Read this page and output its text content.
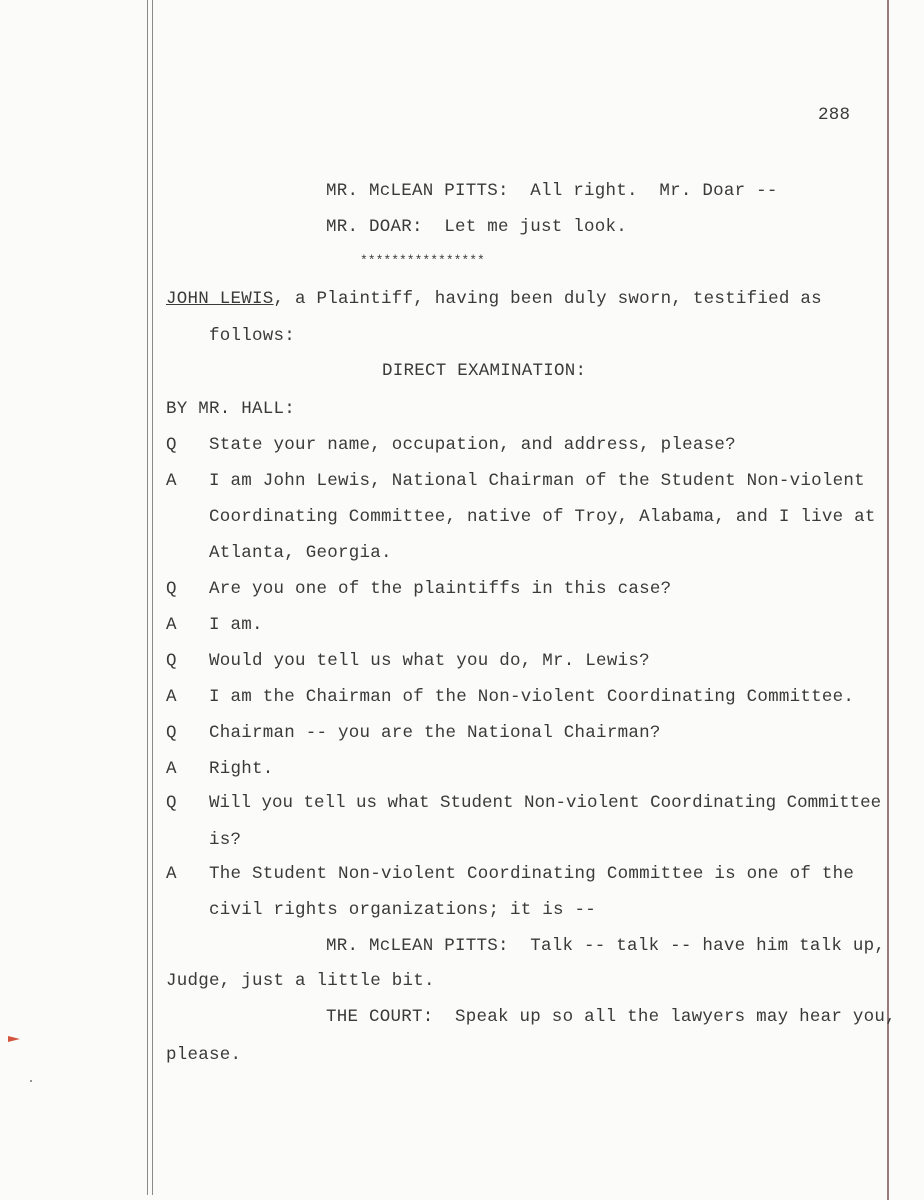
288
MR. McLEAN PITTS: All right.  Mr. Doar --
MR. DOAR: Let me just look.
****************
JOHN LEWIS, a Plaintiff, having been duly sworn, testified as
follows:
DIRECT EXAMINATION:
BY MR. HALL:
Q State your name, occupation, and address, please?
A I am John Lewis, National Chairman of the Student Non-violent
Coordinating Committee, native of Troy, Alabama, and I live at
Atlanta, Georgia.
Q Are you one of the plaintiffs in this case?
A I am.
Q Would you tell us what you do, Mr. Lewis?
A I am the Chairman of the Non-violent Coordinating Committee.
Q Chairman -- you are the National Chairman?
A Right.
Q Will you tell us what Student Non-violent Coordinating Committee
is?
A The Student Non-violent Coordinating Committee is one of the
civil rights organizations; it is --
MR. McLEAN PITTS: Talk -- talk -- have him talk up,
Judge, just a little bit.
THE COURT: Speak up so all the lawyers may hear you,
please.
